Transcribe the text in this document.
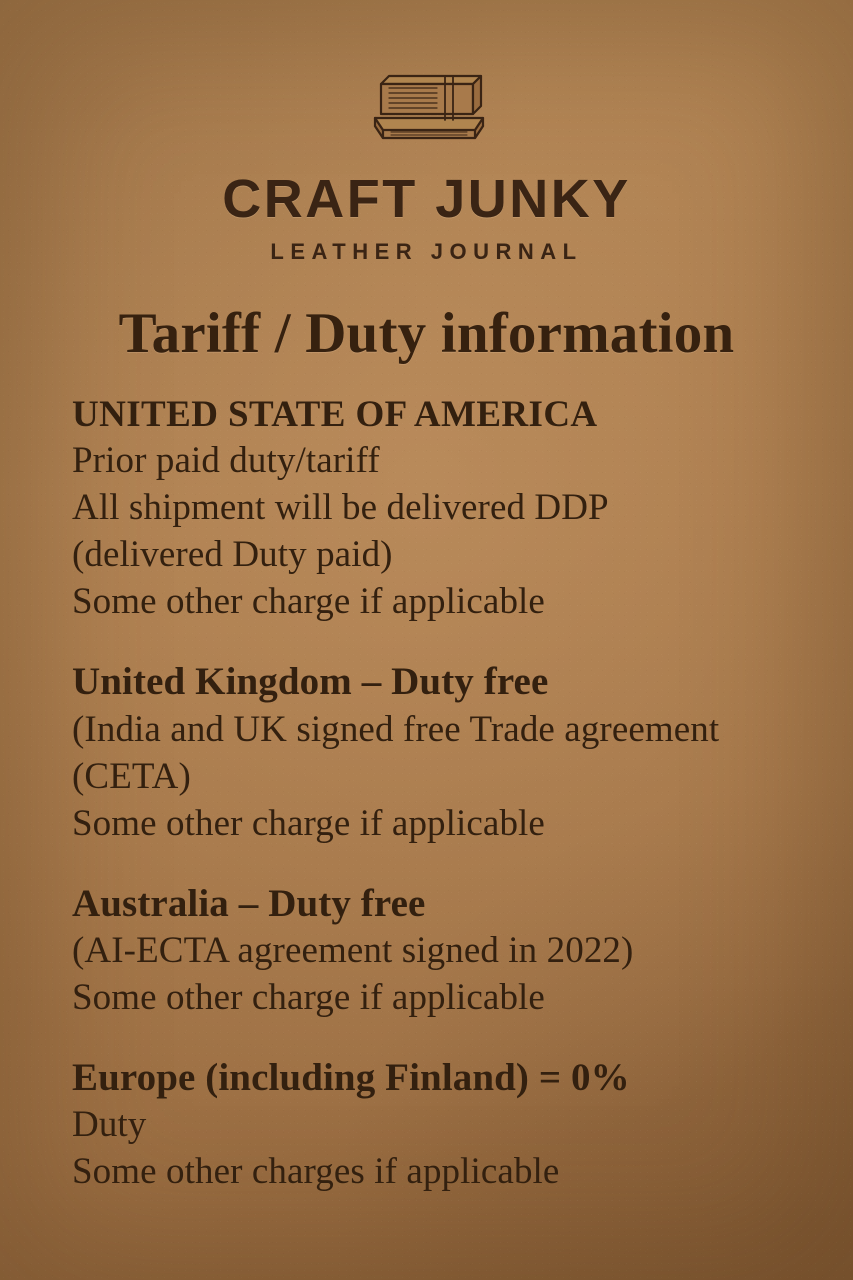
CRAFT JUNKY
LEATHER JOURNAL
Tariff / Duty information
UNITED STATE OF AMERICA

Prior paid duty/tariff

All shipment will be delivered DDP

(delivered Duty paid)

Some other charge if applicable

United Kingdom – Duty free

(India and UK signed free Trade agreement

(CETA)

Some other charge if applicable

Australia – Duty free

(AI-ECTA agreement signed in 2022)

Some other charge if applicable

Europe (including Finland) = 0%

Duty

Some other charges if applicable
